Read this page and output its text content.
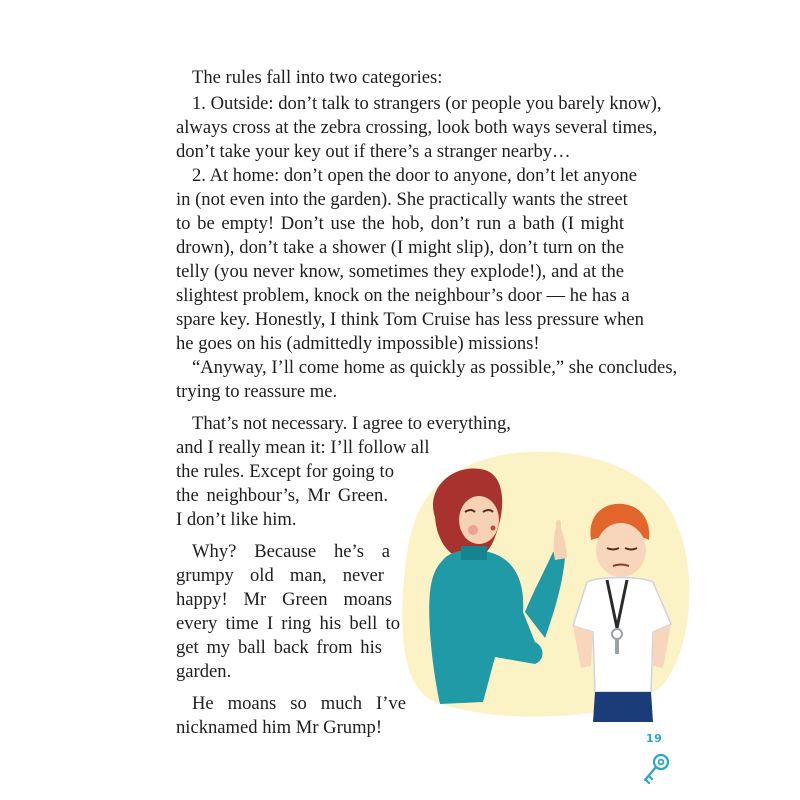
The rules fall into two categories:

1. Outside: don’t talk to strangers (or people you barely know),

always cross at the zebra crossing, look both ways several times,

don’t take your key out if there’s a stranger nearby…

2. At home: don’t open the door to anyone, don’t let anyone

in (not even into the garden). She practically wants the street

to be empty! Don’t use the hob, don’t run a bath (I might

drown), don’t take a shower (I might slip), don’t turn on the

telly (you never know, sometimes they explode!), and at the

slightest problem, knock on the neighbour’s door — he has a

spare key. Honestly, I think Tom Cruise has less pressure when

he goes on his (admittedly impossible) missions!

“Anyway, I’ll come home as quickly as possible,” she concludes,

trying to reassure me.

That’s not necessary. I agree to everything,

and I really mean it: I’ll follow all

the rules. Except for going to

the neighbour’s, Mr Green.

I don’t like him.

Why? Because he’s a

grumpy old man, never

happy! Mr Green moans

every time I ring his bell to

get my ball back from his

garden.

He moans so much I’ve

nicknamed him Mr Grump!

19
